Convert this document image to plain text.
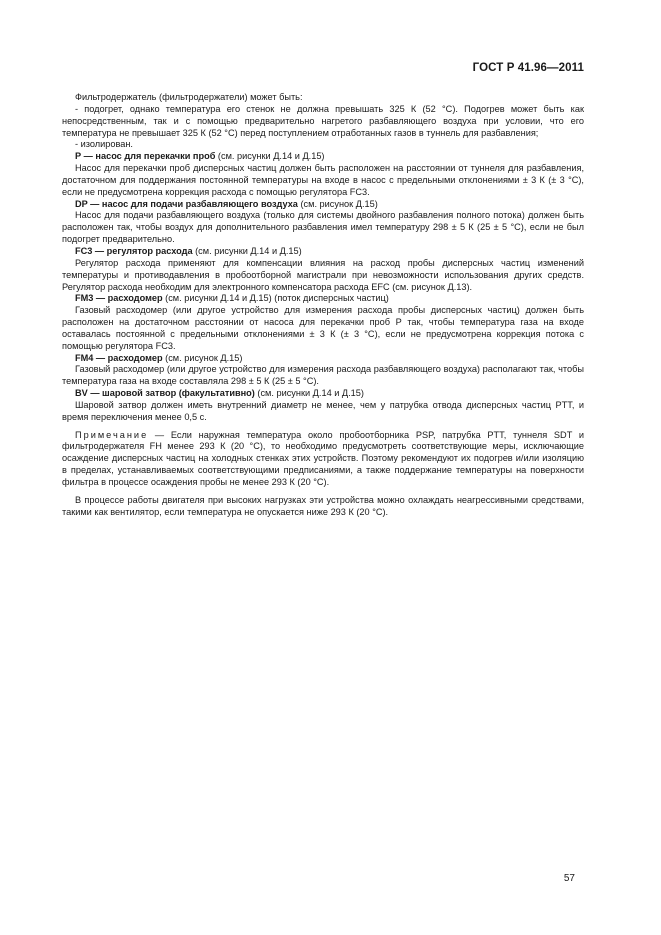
ГОСТ Р 41.96—2011

Фильтродержатель (фильтродержатели) может быть:

- подогрет, однако температура его стенок не должна превышать 325 К (52 °С). Подогрев может быть как непосредственным, так и с помощью предварительно нагретого разбавляющего воздуха при условии, что его температура не превышает 325 К (52 °С) перед поступлением отработанных газов в туннель для разбавления;

- изолирован.

Р — насос для перекачки проб (см. рисунки Д.14 и Д.15)

Насос для перекачки проб дисперсных частиц должен быть расположен на расстоянии от туннеля для разбавления, достаточном для поддержания постоянной температуры на входе в насос с предельными отклонениями ± 3 К (± 3 °С), если не предусмотрена коррекция расхода с помощью регулятора FC3.

DP — насос для подачи разбавляющего воздуха (см. рисунок Д.15)

Насос для подачи разбавляющего воздуха (только для системы двойного разбавления полного потока) должен быть расположен так, чтобы воздух для дополнительного разбавления имел температуру 298 ± 5 К (25 ± 5 °С), если не был подогрет предварительно.

FC3 — регулятор расхода (см. рисунки Д.14 и Д.15)

Регулятор расхода применяют для компенсации влияния на расход пробы дисперсных частиц изменений температуры и противодавления в пробоотборной магистрали при невозможности использования других средств. Регулятор расхода необходим для электронного компенсатора расхода EFC (см. рисунок Д.13).

FM3 — расходомер (см. рисунки Д.14 и Д.15) (поток дисперсных частиц)

Газовый расходомер (или другое устройство для измерения расхода пробы дисперсных частиц) должен быть расположен на достаточном расстоянии от насоса для перекачки проб Р так, чтобы температура газа на входе оставалась постоянной с предельными отклонениями ± 3 К (± 3 °С), если не предусмотрена коррекция потока с помощью регулятора FC3.

FM4 — расходомер (см. рисунок Д.15)

Газовый расходомер (или другое устройство для измерения расхода разбавляющего воздуха) располагают так, чтобы температура газа на входе составляла 298 ± 5 К (25 ± 5 °С).

BV — шаровой затвор (факультативно) (см. рисунки Д.14 и Д.15)

Шаровой затвор должен иметь внутренний диаметр не менее, чем у патрубка отвода дисперсных частиц PTT, и время переключения менее 0,5 с.

Примечание — Если наружная температура около пробоотборника PSP, патрубка PTT, туннеля SDT и фильтродержателя FH менее 293 К (20 °С), то необходимо предусмотреть соответствующие меры, исключающие осаждение дисперсных частиц на холодных стенках этих устройств. Поэтому рекомендуют их подогрев и/или изоляцию в пределах, устанавливаемых соответствующими предписаниями, а также поддержание температуры на поверхности фильтра в процессе осаждения пробы не менее 293 К (20 °С).

В процессе работы двигателя при высоких нагрузках эти устройства можно охлаждать неагрессивными средствами, такими как вентилятор, если температура не опускается ниже 293 К (20 °С).

57
